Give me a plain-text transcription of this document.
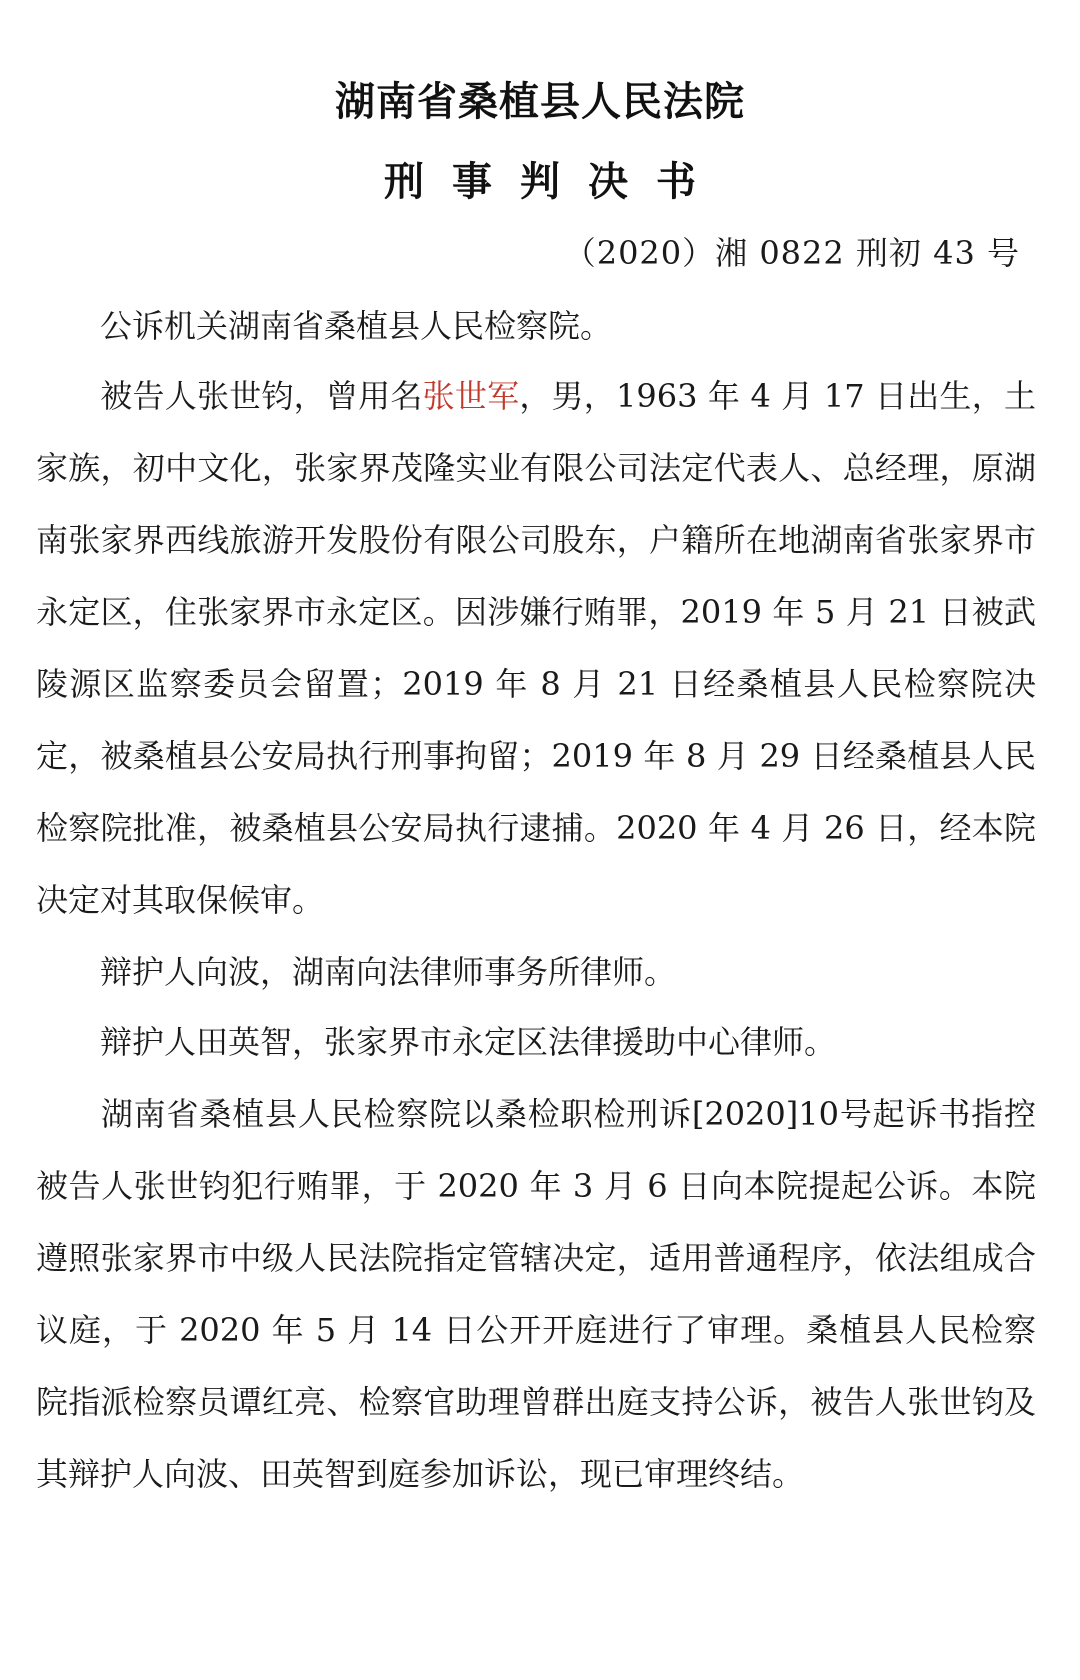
湖南省桑植县人民法院
刑事判决书
（2020）湘 0822 刑初 43 号

公诉机关湖南省桑植县人民检察院。

被告人张世钧，曾用名张世军，男，1963 年 4 月 17 日出生，土家族，初中文化，张家界茂隆实业有限公司法定代表人、总经理，原湖南张家界西线旅游开发股份有限公司股东，户籍所在地湖南省张家界市永定区，住张家界市永定区。因涉嫌行贿罪，2019 年 5 月 21 日被武陵源区监察委员会留置；2019 年 8 月 21 日经桑植县人民检察院决定，被桑植县公安局执行刑事拘留；2019 年 8 月 29 日经桑植县人民检察院批准，被桑植县公安局执行逮捕。2020 年 4 月 26 日，经本院决定对其取保候审。

辩护人向波，湖南向法律师事务所律师。

辩护人田英智，张家界市永定区法律援助中心律师。

湖南省桑植县人民检察院以桑检职检刑诉[2020]10号起诉书指控被告人张世钧犯行贿罪，于 2020 年 3 月 6 日向本院提起公诉。本院遵照张家界市中级人民法院指定管辖决定，适用普通程序，依法组成合议庭，于 2020 年 5 月 14 日公开开庭进行了审理。桑植县人民检察院指派检察员谭红亮、检察官助理曾群出庭支持公诉，被告人张世钧及其辩护人向波、田英智到庭参加诉讼，现已审理终结。
